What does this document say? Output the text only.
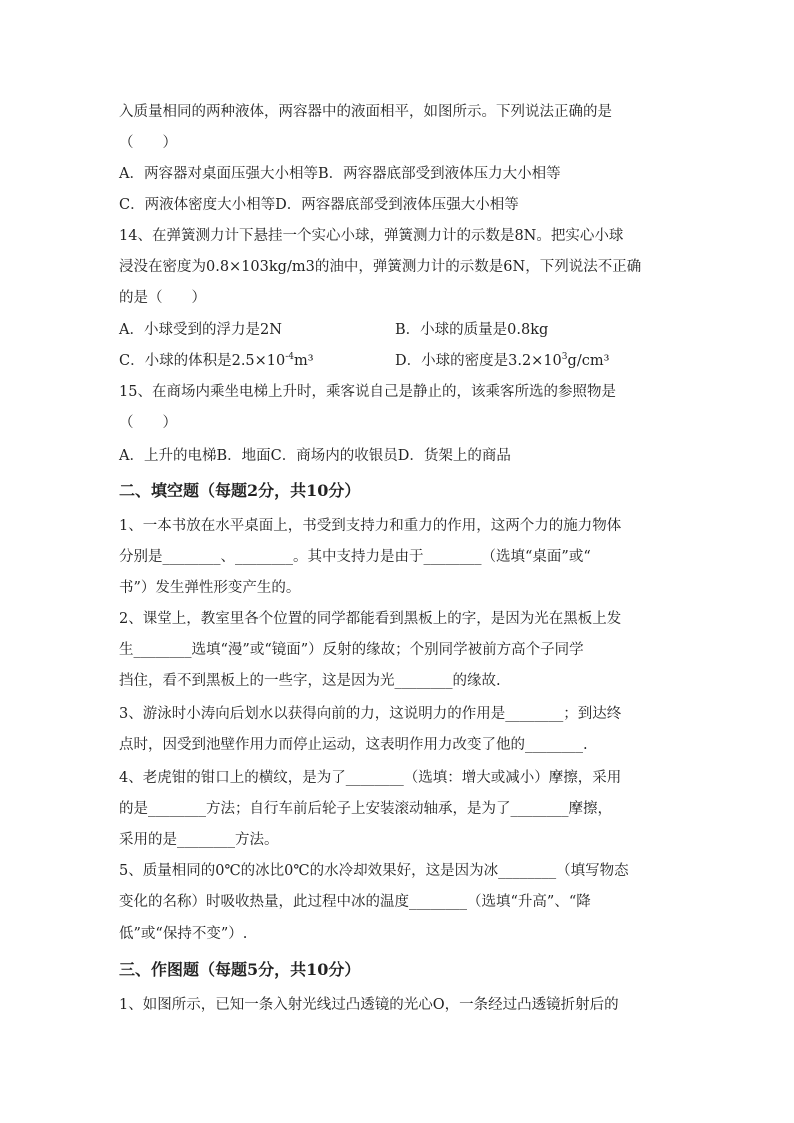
入质量相同的两种液体，两容器中的液面相平，如图所示。下列说法正确的是
（　　）
A．两容器对桌面压强大小相等B．两容器底部受到液体压力大小相等
C．两液体密度大小相等D．两容器底部受到液体压强大小相等
14、在弹簧测力计下悬挂一个实心小球，弹簧测力计的示数是8N。把实心小球
浸没在密度为0.8×103kg/m3的油中，弹簧测力计的示数是6N，下列说法不正确
的是（　　）
A．小球受到的浮力是2N	B．小球的质量是0.8kg
C．小球的体积是$2.5\times 10^{-4}m^3$	D．小球的密度是$3.2\times 10^3g$/cm³
15、在商场内乘坐电梯上升时，乘客说自己是静止的，该乘客所选的参照物是
（　　）
A．上升的电梯B．地面C．商场内的收银员D．货架上的商品
二、填空题（每题2分，共10分）
1、一本书放在水平桌面上，书受到支持力和重力的作用，这两个力的施力物体
分别是________、________。其中支持力是由于________（选填“桌面”或“
书”）发生弹性形变产生的。
2、课堂上，教室里各个位置的同学都能看到黑板上的字，是因为光在黑板上发
生________选填“漫”或“镜面”）反射的缘故；个别同学被前方高个子同学
挡住，看不到黑板上的一些字，这是因为光________的缘故.
3、游泳时小涛向后划水以获得向前的力，这说明力的作用是________；到达终
点时，因受到池壁作用力而停止运动，这表明作用力改变了他的________.
4、老虎钳的钳口上的横纹，是为了________（选填：增大或减小）摩擦，采用
的是________方法；自行车前后轮子上安装滚动轴承，是为了________摩擦，
采用的是________方法。
5、质量相同的0℃的冰比0℃的水冷却效果好，这是因为冰________（填写物态
变化的名称）时吸收热量，此过程中冰的温度________（选填“升高”、“降
低”或“保持不变”）.
三、作图题（每题5分，共10分）
1、如图所示，已知一条入射光线过凸透镜的光心O，一条经过凸透镜折射后的
